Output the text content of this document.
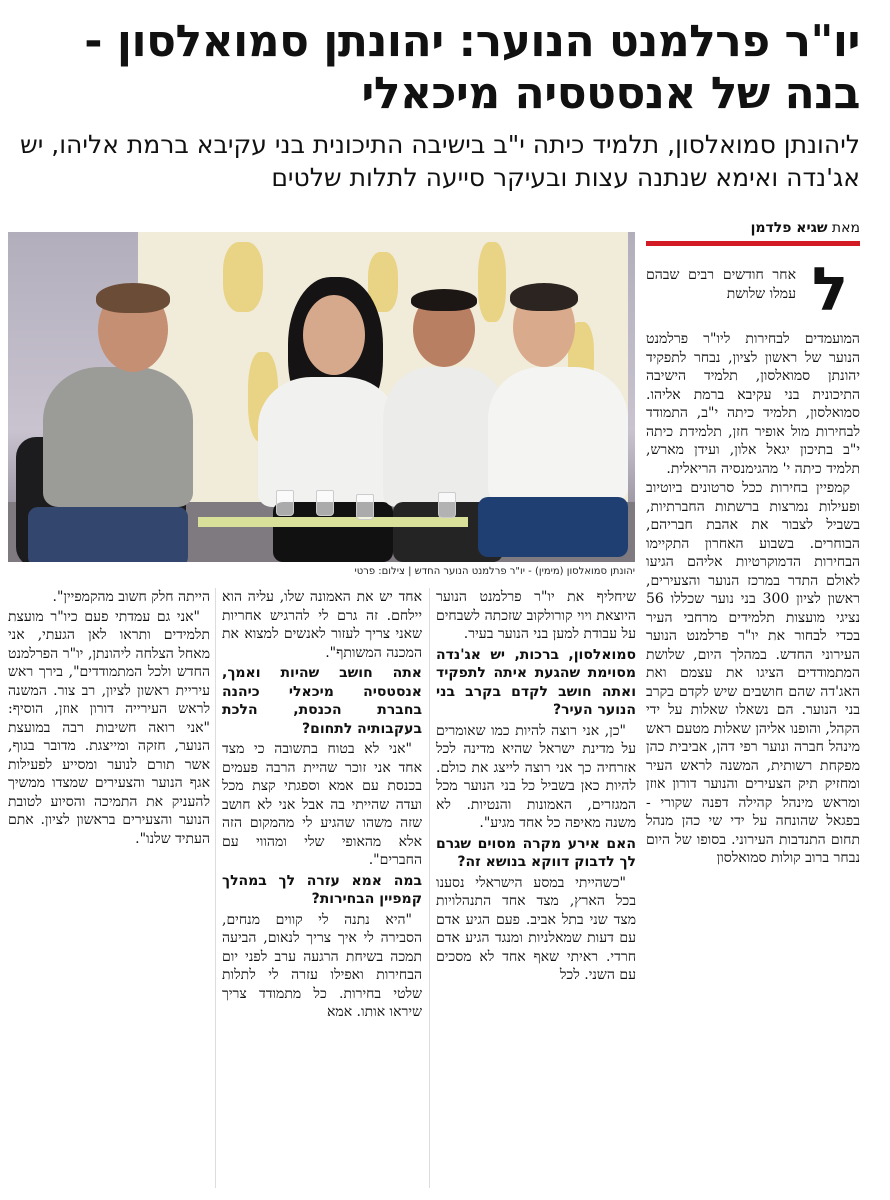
יו"ר פרלמנט הנוער: יהונתן סמואלסון - בנה של אנסטסיה מיכאלי
ליהונתן סמואלסון, תלמיד כיתה י"ב בישיבה התיכונית בני עקיבא ברמת אליהו, יש אג'נדה ואימא שנתנה עצות ובעיקר סייעה לתלות שלטים
מאת שגיא פלדמן
יהונתן סמואלסון (מימין) - יו"ר פרלמנט הנוער החדש | צילום: פרטי
ל

אחר חודשים רבים שבהם עמלו שלושת

המועמדים לבחירות ליו"ר פרלמנט הנוער של ראשון לציון, נבחר לתפקיד יהונתן סמואלסון, תלמיד הישיבה התיכונית בני עקיבא ברמת אליהו. סמואלסון, תלמיד כיתה י"ב, התמודד לבחירות מול אופיר חזן, תלמידת כיתה י"ב בתיכון יגאל אלון, ועידן מארש, תלמיד כיתה י' מהגימנסיה הריאלית.

קמפיין בחירות ככל סרטונים ביוטיוב ופעילות נמרצות ברשתות החברתיות, בשביל לצבור את אהבת חבריהם, הבוחרים. בשבוע האחרון התקיימו הבחירות הדמוקרטיות אליהם הגיעו לאולם התדר במרכז הנוער והצעירים, ראשון לציון 300 בני נוער שכללו 56 נציגי מועצות תלמידים מרחבי העיר בכדי לבחור את יו"ר פרלמנט הנוער העירוני החדש. במהלך היום, שלושת המתמודדים הציגו את עצמם ואת האג'דה שהם חושבים שיש לקדם בקרב בני הנוער. הם נשאלו שאלות על ידי הקהל, והופנו אליהן שאלות מטעם ראש מינהל חברה ונוער רפי דהן, אביבית כהן מפקחת רשותית, המשנה לראש העיר ומחזיק תיק הצעירים והנוער דורון אוזן ומראש מינהל קהילה דפנה שקורי - בפגאל שהונחה על ידי שי כהן מנהל תחום התנדבות העירוני. בסופו של היום נבחר ברוב קולות סמואלסון

שיחליף את יו"ר פרלמנט הנוער היוצאת ויוי קורולקוב שזכתה לשבחים על עבודת למען בני הנוער בעיר.

סמואלסון, ברכות, יש אג'נדה מסוימת שהגעת איתה לתפקיד ואתה חושב לקדם בקרב בני הנוער העיר?

"כן, אני רוצה להיות כמו שאומרים על מדינת ישראל שהיא מדינה לכל אזרחיה כך אני רוצה לייצג את כולם. להיות כאן בשביל כל בני הנוער מכל המגזרים, האמונות והנטיות. לא משנה מאיפה כל אחד מגיע".

האם אירע מקרה מסוים שגרם לך לדבוק דווקא בנושא זה?

"כשהייתי במסע הישראלי נסענו בכל הארץ, מצד אחד התנהלויות מצד שני בתל אביב. פעם הגיע אדם עם דעות שמאלניות ומנגד הגיע אדם חרדי. ראיתי שאף אחד לא מסכים עם השני. לכל

אחד יש את האמונה שלו, עליה הוא יילחם. זה גרם לי להרגיש אחריות שאני צריך לעזור לאנשים למצוא את המכנה המשותף".

אתה חושב שהיות ואמך, אנסטסיה מיכאלי כיהנה בחברת הכנסת, הלכת בעקבותיה לתחום?

"אני לא בטוח בתשובה כי מצד אחד אני זוכר שהיית הרבה פעמים בכנסת עם אמא וספגתי קצת מכל ועדה שהייתי בה אבל אני לא חושב שזה משהו שהגיע לי מהמקום הזה אלא מהאופי שלי ומהווי עם החברים".

במה אמא עזרה לך במהלך קמפיין הבחירות?

"היא נתנה לי קווים מנחים, הסבירה לי איך צריך לנאום, הביעה תמכה בשיחת הרגעה ערב לפני יום הבחירות ואפילו עזרה לי לתלות שלטי בחירות. כל מתמודד צריך שיראו אותו. אמא

הייתה חלק חשוב מהקמפיין".

"אני גם עמדתי פעם כיו"ר מועצת תלמידים ותראו לאן הגעתי, אני מאחל הצלחה ליהונתן, יו"ר הפרלמנט החדש ולכל המתמודדים", בירך ראש עיריית ראשון לציון, רב צור. המשנה לראש העירייה דורון אוזן, הוסיף: "אני רואה חשיבות רבה במועצת הנוער, חזקה ומייצגת. מדובר בגוף, אשר תורם לנוער ומסייע לפעילות אגף הנוער והצעירים שמצדו ממשיך להעניק את התמיכה והסיוע לטובת הנוער והצעירים בראשון לציון. אתם העתיד שלנו".
